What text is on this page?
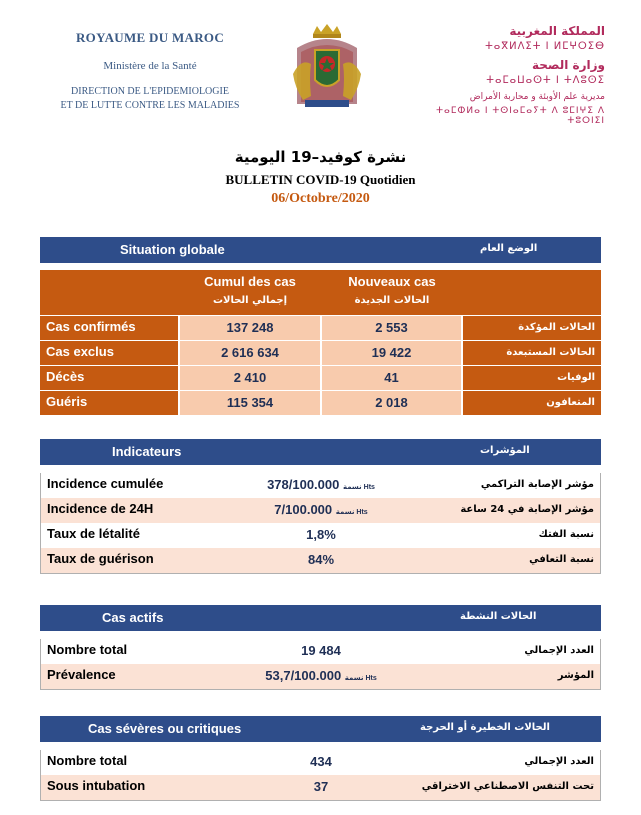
ROYAUME DU MAROC
Ministère de la Santé
DIRECTION DE L'EPIDEMIOLOGIE
ET DE LUTTE CONTRE LES MALADIES
المملكة المغربية
ⵜⴰⴳⵍⴷⵉⵜ ⵏ ⵍⵎⵖⵔⵉⴱ
وزارة الصحة
ⵜⴰⵎⴰⵡⴰⵙⵜ ⵏ ⵜⴷⵓⵙⵉ
مديرية علم الأوبئة و محاربة الأمراض
ⵜⴰⵎⵀⵍⴰ ⵏ ⵜⵙⵏⴰⵎⴰⵢⵜ ⴷ ⵓⵎⵏⵖⵉ ⴷ ⵜⵓⵔⵏⵉⵏ
نشرة كوفيد–19 اليومية
BULLETIN COVID-19 Quotidien
06/Octobre/2020
Situation globale	الوضع العام
Cumul des cas
إجمالي الحالات
Nouveaux cas
الحالات الجديدة
Cas confirmés	137 248	2 553	الحالات المؤكدة
Cas exclus	2 616 634	19 422	الحالات المستبعدة
Décès	2 410	41	الوفيات
Guéris	115 354	2 018	المتعافون
Indicateurs	المؤشرات
Incidence cumulée	378/100.000 نسمة Hts	مؤشر الإصابة التراكمي
Incidence de 24H	7/100.000 نسمة Hts	مؤشر الإصابة في 24 ساعة
Taux de létalité	1,8%	نسبة الفتك
Taux de guérison	84%	نسبة التعافي
Cas actifs	الحالات النشطة
Nombre total	19 484	العدد الإجمالي
Prévalence	53,7/100.000 نسمة Hts	المؤشر
Cas sévères ou critiques	الحالات الخطيرة أو الحرجة
Nombre total	434	العدد الإجمالي
Sous intubation	37	تحت التنفس الاصطناعي الاختراقي
